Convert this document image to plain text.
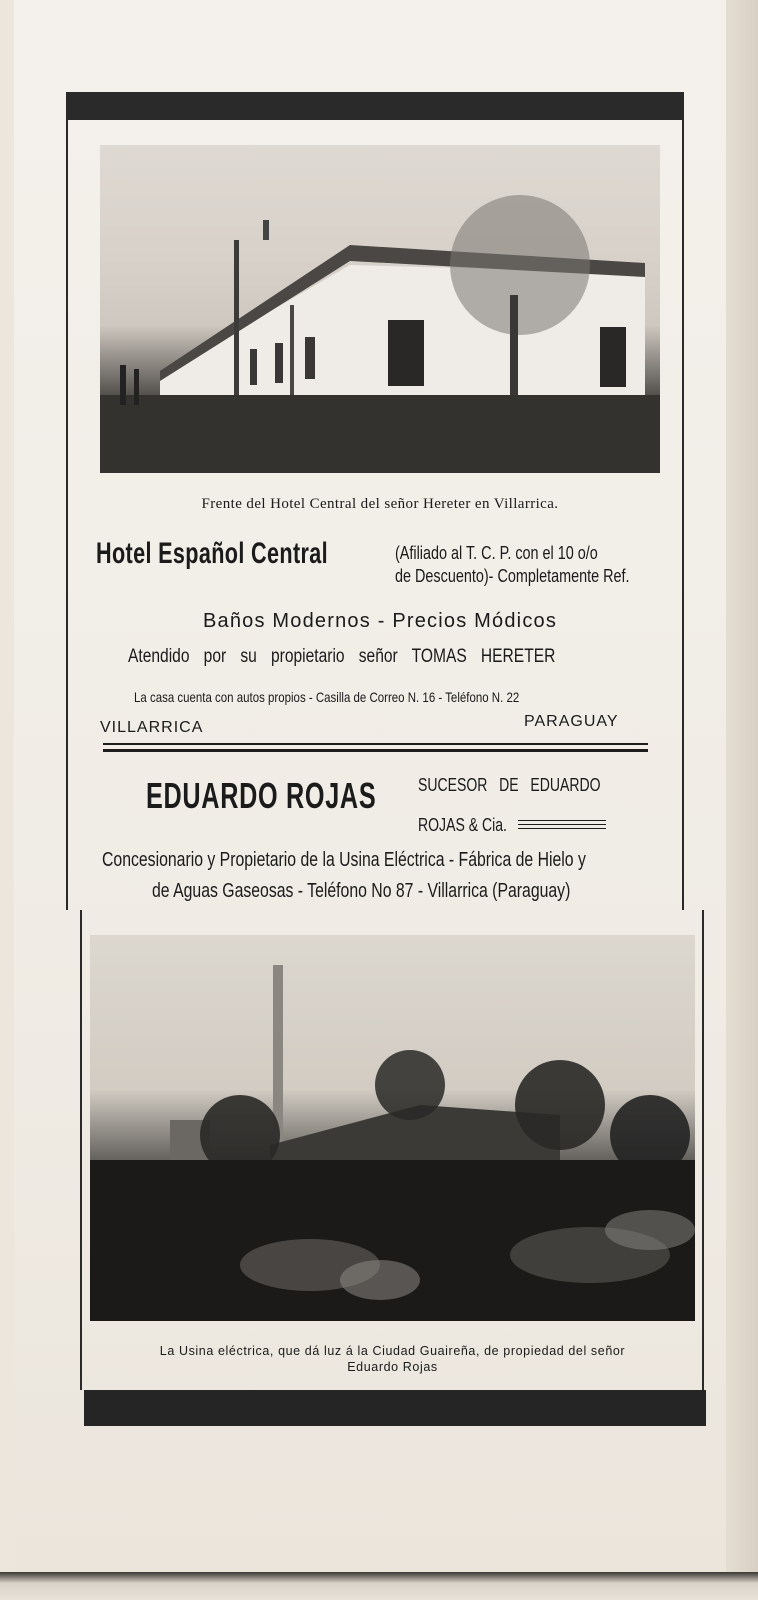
Frente del Hotel Central del señor Hereter en Villarrica.
Hotel Español Central	(Afiliado al T. C. P. con el 10 o/o
de Descuento)- Completamente Ref.
Baños Modernos - Precios Módicos
Atendido por su propietario señor TOMAS HERETER
La casa cuenta con autos propios - Casilla de Correo N. 16 - Teléfono N. 22
VILLARRICA	PARAGUAY
EDUARDO ROJAS SUCESOR DE EDUARDO
ROJAS & Cia.
Concesionario y Propietario de la Usina Eléctrica - Fábrica de Hielo y
de Aguas Gaseosas - Teléfono No 87 - Villarrica (Paraguay)
La Usina eléctrica, que dá luz á la Ciudad Guaireña, de propiedad del señor
Eduardo Rojas
